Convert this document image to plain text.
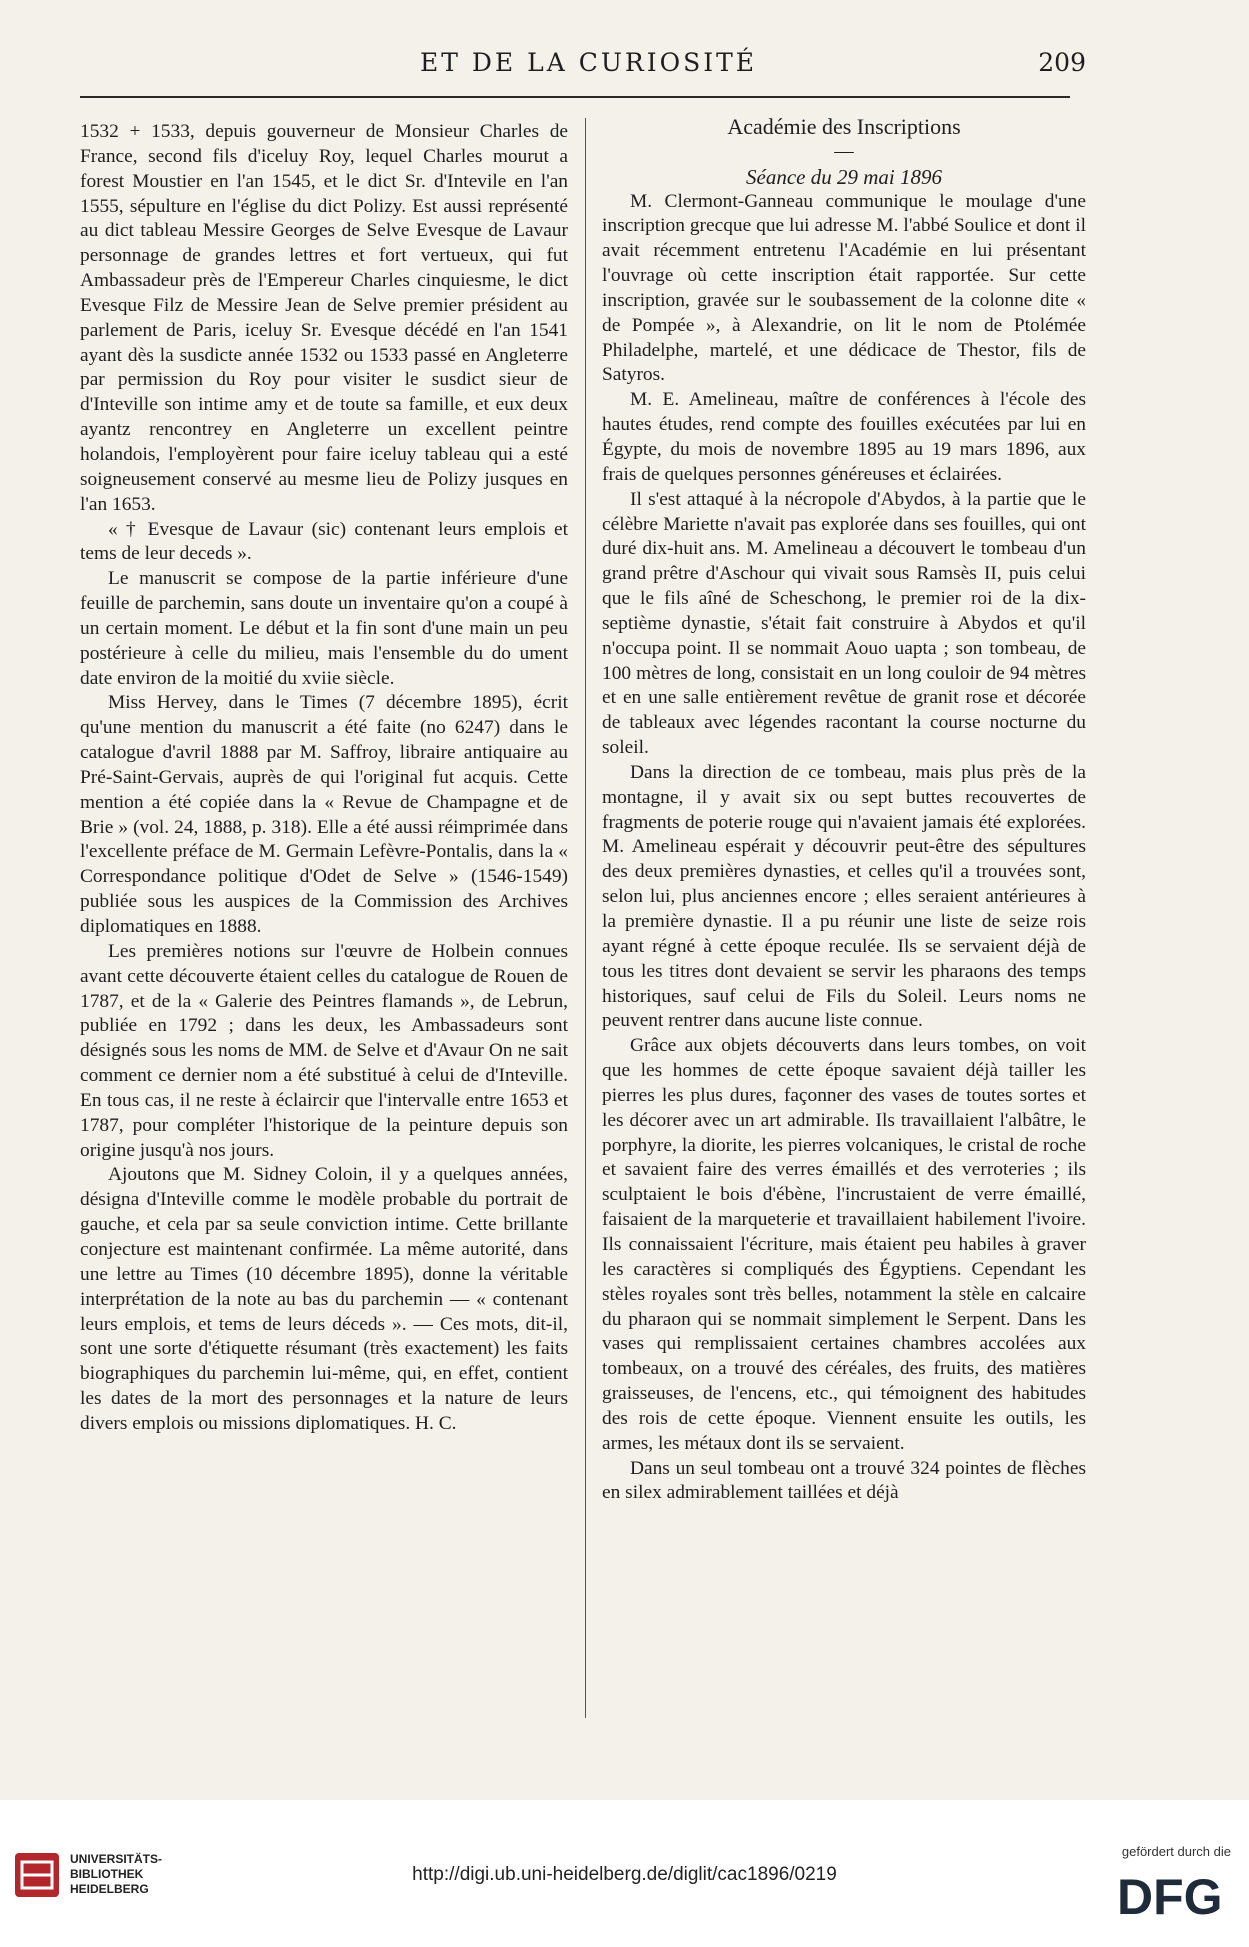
ET DE LA CURIOSITÉ	209

1532 + 1533, depuis gouverneur de Monsieur Charles de France, second fils d'iceluy Roy, lequel Charles mourut a forest Moustier en l'an 1545, et le dict Sr. d'Intevile en l'an 1555, sépulture en l'église du dict Polizy. Est aussi représenté au dict tableau Messire Georges de Selve Evesque de Lavaur personnage de grandes lettres et fort vertueux, qui fut Ambassadeur près de l'Empereur Charles cinquiesme, le dict Evesque Filz de Messire Jean de Selve premier président au parlement de Paris, iceluy Sr. Evesque décédé en l'an 1541 ayant dès la susdicte année 1532 ou 1533 passé en Angleterre par permission du Roy pour visiter le susdict sieur de d'Inteville son intime amy et de toute sa famille, et eux deux ayantz rencontrey en Angleterre un excellent peintre holandois, l'employèrent pour faire iceluy tableau qui a esté soigneusement conservé au mesme lieu de Polizy jusques en l'an 1653.

« † Evesque de Lavaur (sic) contenant leurs emplois et tems de leur deceds ».

Le manuscrit se compose de la partie inférieure d'une feuille de parchemin, sans doute un inventaire qu'on a coupé à un certain moment. Le début et la fin sont d'une main un peu postérieure à celle du milieu, mais l'ensemble du do ument date environ de la moitié du xviie siècle.

Miss Hervey, dans le Times (7 décembre 1895), écrit qu'une mention du manuscrit a été faite (no 6247) dans le catalogue d'avril 1888 par M. Saffroy, libraire antiquaire au Pré-Saint-Gervais, auprès de qui l'original fut acquis. Cette mention a été copiée dans la « Revue de Champagne et de Brie » (vol. 24, 1888, p. 318). Elle a été aussi réimprimée dans l'excellente préface de M. Germain Lefèvre-Pontalis, dans la « Correspondance politique d'Odet de Selve » (1546-1549) publiée sous les auspices de la Commission des Archives diplomatiques en 1888.

Les premières notions sur l'œuvre de Holbein connues avant cette découverte étaient celles du catalogue de Rouen de 1787, et de la « Galerie des Peintres flamands », de Lebrun, publiée en 1792 ; dans les deux, les Ambassadeurs sont désignés sous les noms de MM. de Selve et d'Avaur On ne sait comment ce dernier nom a été substitué à celui de d'Inteville. En tous cas, il ne reste à éclaircir que l'intervalle entre 1653 et 1787, pour compléter l'historique de la peinture depuis son origine jusqu'à nos jours.

Ajoutons que M. Sidney Coloin, il y a quelques années, désigna d'Inteville comme le modèle probable du portrait de gauche, et cela par sa seule conviction intime. Cette brillante conjecture est maintenant confirmée. La même autorité, dans une lettre au Times (10 décembre 1895), donne la véritable interprétation de la note au bas du parchemin — « contenant leurs emplois, et tems de leurs déceds ». — Ces mots, dit-il, sont une sorte d'étiquette résumant (très exactement) les faits biographiques du parchemin lui-même, qui, en effet, contient les dates de la mort des personnages et la nature de leurs divers emplois ou missions diplomatiques. H. C.

Académie des Inscriptions

—

Séance du 29 mai 1896

M. Clermont-Ganneau communique le moulage d'une inscription grecque que lui adresse M. l'abbé Soulice et dont il avait récemment entretenu l'Académie en lui présentant l'ouvrage où cette inscription était rapportée. Sur cette inscription, gravée sur le soubassement de la colonne dite « de Pompée », à Alexandrie, on lit le nom de Ptolémée Philadelphe, martelé, et une dédicace de Thestor, fils de Satyros.

M. E. Amelineau, maître de conférences à l'école des hautes études, rend compte des fouilles exécutées par lui en Égypte, du mois de novembre 1895 au 19 mars 1896, aux frais de quelques personnes généreuses et éclairées.

Il s'est attaqué à la nécropole d'Abydos, à la partie que le célèbre Mariette n'avait pas explorée dans ses fouilles, qui ont duré dix-huit ans. M. Amelineau a découvert le tombeau d'un grand prêtre d'Aschour qui vivait sous Ramsès II, puis celui que le fils aîné de Scheschong, le premier roi de la dix-septième dynastie, s'était fait construire à Abydos et qu'il n'occupa point. Il se nommait Aouo uapta ; son tombeau, de 100 mètres de long, consistait en un long couloir de 94 mètres et en une salle entièrement revêtue de granit rose et décorée de tableaux avec légendes racontant la course nocturne du soleil.

Dans la direction de ce tombeau, mais plus près de la montagne, il y avait six ou sept buttes recouvertes de fragments de poterie rouge qui n'avaient jamais été explorées. M. Amelineau espérait y découvrir peut-être des sépultures des deux premières dynasties, et celles qu'il a trouvées sont, selon lui, plus anciennes encore ; elles seraient antérieures à la première dynastie. Il a pu réunir une liste de seize rois ayant régné à cette époque reculée. Ils se servaient déjà de tous les titres dont devaient se servir les pharaons des temps historiques, sauf celui de Fils du Soleil. Leurs noms ne peuvent rentrer dans aucune liste connue.

Grâce aux objets découverts dans leurs tombes, on voit que les hommes de cette époque savaient déjà tailler les pierres les plus dures, façonner des vases de toutes sortes et les décorer avec un art admirable. Ils travaillaient l'albâtre, le porphyre, la diorite, les pierres volcaniques, le cristal de roche et savaient faire des verres émaillés et des verroteries ; ils sculptaient le bois d'ébène, l'incrustaient de verre émaillé, faisaient de la marqueterie et travaillaient habilement l'ivoire. Ils connaissaient l'écriture, mais étaient peu habiles à graver les caractères si compliqués des Égyptiens. Cependant les stèles royales sont très belles, notamment la stèle en calcaire du pharaon qui se nommait simplement le Serpent. Dans les vases qui remplissaient certaines chambres accolées aux tombeaux, on a trouvé des céréales, des fruits, des matières graisseuses, de l'encens, etc., qui témoignent des habitudes des rois de cette époque. Viennent ensuite les outils, les armes, les métaux dont ils se servaient.

Dans un seul tombeau ont a trouvé 324 pointes de flèches en silex admirablement taillées et déjà

UNIVERSITÄTS-
BIBLIOTHEK
HEIDELBERG
http://digi.ub.uni-heidelberg.de/diglit/cac1896/0219
gefördert durch die
DFG
